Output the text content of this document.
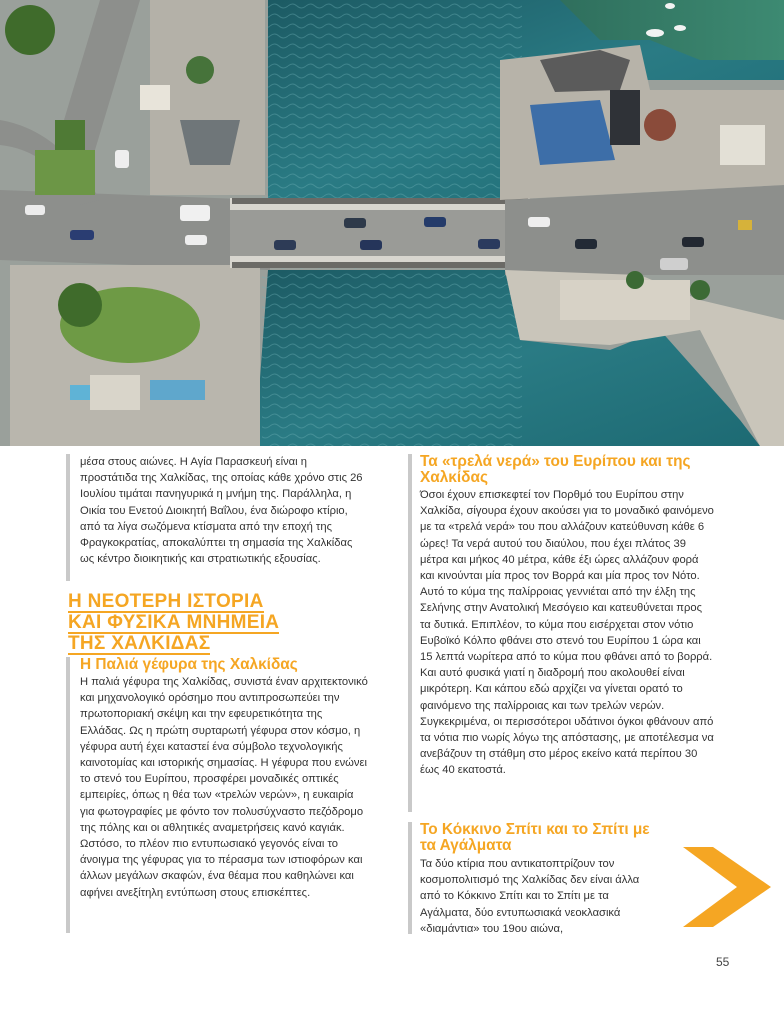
μέσα στους αιώνες. Η Αγία Παρασκευή είναι η προστάτιδα της Χαλκίδας, της οποίας κάθε χρόνο στις 26 Ιουλίου τιμάται πανηγυρικά η μνήμη της. Παράλληλα, η Οικία του Ενετού Διοικητή Βαΐλου, ένα διώροφο κτίριο, από τα λίγα σωζόμενα κτίσματα από την εποχή της Φραγκοκρατίας, αποκαλύπτει τη σημασία της Χαλκίδας ως κέντρο διοικητικής και στρατιωτικής εξουσίας.

Η ΝΕΟΤΕΡΗ ΙΣΤΟΡΙΑ
ΚΑΙ ΦΥΣΙΚΑ ΜΝΗΜΕΙΑ
ΤΗΣ ΧΑΛΚΙΔΑΣ

Η Παλιά γέφυρα της Χαλκίδας

Η παλιά γέφυρα της Χαλκίδας, συνιστά έναν αρχιτεκτονικό και μηχανολογικό ορόσημο που αντιπροσωπεύει την πρωτοποριακή σκέψη και την εφευρετικότητα της Ελλάδας. Ως η πρώτη συρταρωτή γέφυρα στον κόσμο, η γέφυρα αυτή έχει καταστεί ένα σύμβολο τεχνολογικής καινοτομίας και ιστορικής σημασίας. Η γέφυρα που ενώνει το στενό του Ευρίπου, προσφέρει μοναδικές οπτικές εμπειρίες, όπως η θέα των «τρελών νερών», η ευκαιρία για φωτογραφίες με φόντο τον πολυσύχναστο πεζόδρομο της πόλης και οι αθλητικές αναμετρήσεις κανό καγιάκ. Ωστόσο, το πλέον πιο εντυπωσιακό γεγονός είναι το άνοιγμα της γέφυρας για το πέρασμα των ιστιοφόρων και άλλων μεγάλων σκαφών, ένα θέαμα που καθηλώνει και αφήνει ανεξίτηλη εντύπωση στους επισκέπτες.

Τα «τρελά νερά» του Ευρίπου και της Χαλκίδας

Όσοι έχουν επισκεφτεί τον Πορθμό του Ευρίπου στην Χαλκίδα, σίγουρα έχουν ακούσει για το μοναδικό φαινόμενο με τα «τρελά νερά» του που αλλάζουν κατεύθυνση κάθε 6 ώρες! Τα νερά αυτού του διαύλου, που έχει πλάτος 39 μέτρα και μήκος 40 μέτρα, κάθε έξι ώρες αλλάζουν φορά και κινούνται μία προς τον Βορρά και μία προς τον Νότο. Αυτό το κύμα της παλίρροιας γεννιέται από την έλξη της Σελήνης στην Ανατολική Μεσόγειο και κατευθύνεται προς τα δυτικά. Επιπλέον, το κύμα που εισέρχεται στον νότιο Ευβοϊκό Κόλπο φθάνει στο στενό του Ευρίπου 1 ώρα και 15 λεπτά νωρίτερα από το κύμα που φθάνει από το βορρά. Και αυτό φυσικά γιατί η διαδρομή που ακολουθεί είναι μικρότερη. Και κάπου εδώ αρχίζει να γίνεται ορατό το φαινόμενο της παλίρροιας και των τρελών νερών. Συγκεκριμένα, οι περισσότεροι υδάτινοι όγκοι φθάνουν από τα νότια πιο νωρίς λόγω της απόστασης, με αποτέλεσμα να ανεβάζουν τη στάθμη στο μέρος εκείνο κατά περίπου 30 έως 40 εκατοστά.

Το Κόκκινο Σπίτι και το Σπίτι με τα Αγάλματα

Τα δύο κτίρια που αντικατοπτρίζουν τον κοσμοπολιτισμό της Χαλκίδας δεν είναι άλλα από το Κόκκινο Σπίτι και το Σπίτι με τα Αγάλματα, δύο εντυπωσιακά νεοκλασικά «διαμάντια» του 19ου αιώνα,

55
